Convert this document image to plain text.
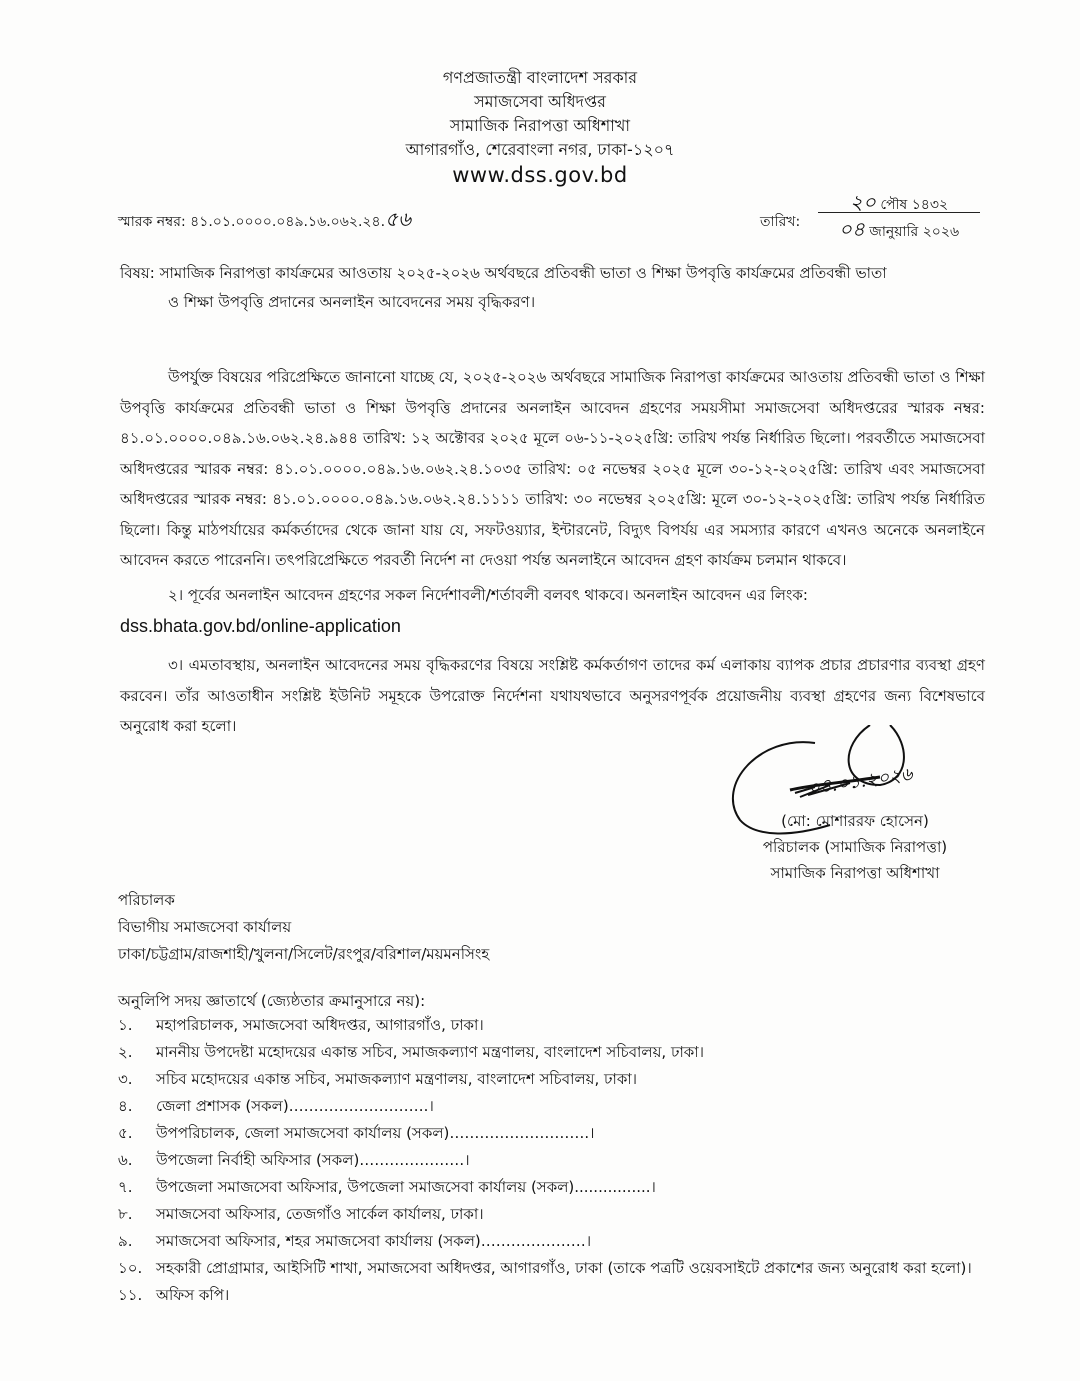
গণপ্রজাতন্ত্রী বাংলাদেশ সরকার
সমাজসেবা অধিদপ্তর
সামাজিক নিরাপত্তা অধিশাখা
আগারগাঁও, শেরেবাংলা নগর, ঢাকা-১২০৭
www.dss.gov.bd
স্মারক নম্বর: ৪১.০১.০০০০.০৪৯.১৬.০৬২.২৪.৫৬	তারিখ:
২০ পৌষ ১৪৩২
০৪ জানুয়ারি ২০২৬
বিষয়: সামাজিক নিরাপত্তা কার্যক্রমের আওতায় ২০২৫-২০২৬ অর্থবছরে প্রতিবন্ধী ভাতা ও শিক্ষা উপবৃত্তি কার্যক্রমের প্রতিবন্ধী ভাতা
ও শিক্ষা উপবৃত্তি প্রদানের অনলাইন আবেদনের সময় বৃদ্ধিকরণ।
উপর্যুক্ত বিষয়ের পরিপ্রেক্ষিতে জানানো যাচ্ছে যে, ২০২৫-২০২৬ অর্থবছরে সামাজিক নিরাপত্তা কার্যক্রমের আওতায় প্রতিবন্ধী ভাতা ও শিক্ষা উপবৃত্তি কার্যক্রমের প্রতিবন্ধী ভাতা ও শিক্ষা উপবৃত্তি প্রদানের অনলাইন আবেদন গ্রহণের সময়সীমা সমাজসেবা অধিদপ্তরের স্মারক নম্বর: ৪১.০১.০০০০.০৪৯.১৬.০৬২.২৪.৯৪৪ তারিখ: ১২ অক্টোবর ২০২৫ মূলে ০৬-১১-২০২৫খ্রি: তারিখ পর্যন্ত নির্ধারিত ছিলো। পরবর্তীতে সমাজসেবা অধিদপ্তরের স্মারক নম্বর: ৪১.০১.০০০০.০৪৯.১৬.০৬২.২৪.১০৩৫ তারিখ: ০৫ নভেম্বর ২০২৫ মূলে ৩০-১২-২০২৫খ্রি: তারিখ এবং সমাজসেবা অধিদপ্তরের স্মারক নম্বর: ৪১.০১.০০০০.০৪৯.১৬.০৬২.২৪.১১১১ তারিখ: ৩০ নভেম্বর ২০২৫খ্রি: মূলে ৩০-১২-২০২৫খ্রি: তারিখ পর্যন্ত নির্ধারিত ছিলো। কিন্তু মাঠপর্যায়ের কর্মকর্তাদের থেকে জানা যায় যে, সফটওয়্যার, ইন্টারনেট, বিদ্যুৎ বিপর্যয় এর সমস্যার কারণে এখনও অনেকে অনলাইনে আবেদন করতে পারেননি। তৎপরিপ্রেক্ষিতে পরবর্তী নির্দেশ না দেওয়া পর্যন্ত অনলাইনে আবেদন গ্রহণ কার্যক্রম চলমান থাকবে।
২। পূর্বের অনলাইন আবেদন গ্রহণের সকল নির্দেশাবলী/শর্তাবলী বলবৎ থাকবে। অনলাইন আবেদন এর লিংক:
dss.bhata.gov.bd/online-application
৩। এমতাবস্থায়, অনলাইন আবেদনের সময় বৃদ্ধিকরণের বিষয়ে সংশ্লিষ্ট কর্মকর্তাগণ তাদের কর্ম এলাকায় ব্যাপক প্রচার প্রচারণার ব্যবস্থা গ্রহণ করবেন। তাঁর আওতাধীন সংশ্লিষ্ট ইউনিট সমূহকে উপরোক্ত নির্দেশনা যথাযথভাবে অনুসরণপূর্বক প্রয়োজনীয় ব্যবস্থা গ্রহণের জন্য বিশেষভাবে অনুরোধ করা হলো।
০৪.০১.২০২৬
(মো: মোশাররফ হোসেন)
পরিচালক (সামাজিক নিরাপত্তা)
সামাজিক নিরাপত্তা অধিশাখা
পরিচালক
বিভাগীয় সমাজসেবা কার্যালয়
ঢাকা/চট্টগ্রাম/রাজশাহী/খুলনা/সিলেট/রংপুর/বরিশাল/ময়মনসিংহ
অনুলিপি সদয় জ্ঞাতার্থে (জ্যেষ্ঠতার ক্রমানুসারে নয়):
১.	মহাপরিচালক, সমাজসেবা অধিদপ্তর, আগারগাঁও, ঢাকা।
২.	মাননীয় উপদেষ্টা মহোদয়ের একান্ত সচিব, সমাজকল্যাণ মন্ত্রণালয়, বাংলাদেশ সচিবালয়, ঢাকা।
৩.	সচিব মহোদয়ের একান্ত সচিব, সমাজকল্যাণ মন্ত্রণালয়, বাংলাদেশ সচিবালয়, ঢাকা।
৪.	জেলা প্রশাসক (সকল)……………………….।
৫.	উপপরিচালক, জেলা সমাজসেবা কার্যালয় (সকল)……………………….।
৬.	উপজেলা নির্বাহী অফিসার (সকল)…………………।
৭.	উপজেলা সমাজসেবা অফিসার, উপজেলা সমাজসেবা কার্যালয় (সকল)................।
৮.	সমাজসেবা অফিসার, তেজগাঁও সার্কেল কার্যালয়, ঢাকা।
৯.	সমাজসেবা অফিসার, শহর সমাজসেবা কার্যালয় (সকল)…………………।
১০. সহকারী প্রোগ্রামার, আইসিটি শাখা, সমাজসেবা অধিদপ্তর, আগারগাঁও, ঢাকা (তাকে পত্রটি ওয়েবসাইটে প্রকাশের জন্য অনুরোধ করা হলো)।
১১. অফিস কপি।
